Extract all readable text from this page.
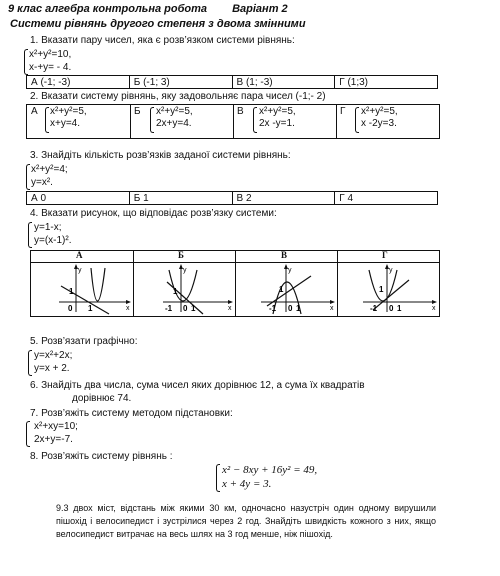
9 клас алгебра контрольна робота Варіант 2
Системи рівнянь другого степеня з двома змінними
1. Вказати пару чисел, яка є розв’язком системи рівнянь:
x²+y²=10,
x-+y= - 4.
А (-1; -3)	Б (-1; 3)	В (1; -3)	Г (1;3)
2. Вказати систему рівнянь, яку задовольняє пара чисел (-1;- 2)
А x²+y²=5,
x+y=4.
Б x²+y²=5,
2x+y=4.
В x²+y²=5,
2x -y=1.
Г x²+y²=5,
x -2y=3.
3. Знайдіть кількість розв’язків заданої системи рівнянь:
x²+y²=4;
y=x².
А 0	Б 1	В 2	Г 4
4. Вказати рисунок, що відповідає розв’язку системи:
y=1-x;
y=(x-1)².
А	Б	В	Г
y
x
1
0 1
y
x
1
-1 0 1
y
x
1
-1 0 1
y
x
1
-1 0 1
5. Розв’язати графічно:
y=x²+2x;
y=x + 2.
6. Знайдіть два числа, сума чисел яких дорівнює 12, а сума їх квадратів
дорівнює 74.
7. Розв’яжіть систему методом підстановки:
x²+xy=10;
2x+y=-7.
8. Розв’яжіть систему рівнянь :
x² − 8xy + 16y² = 49,
x + 4y = 3.
9.3 двох міст, відстань між якими 30 км, одночасно назустріч один одному вирушили пішохід і велосипедист і зустрілися через 2 год. Знайдіть швидкість кожного з них, якщо велосипедист витрачає на весь шлях на 3 год менше, ніж пішохід.
